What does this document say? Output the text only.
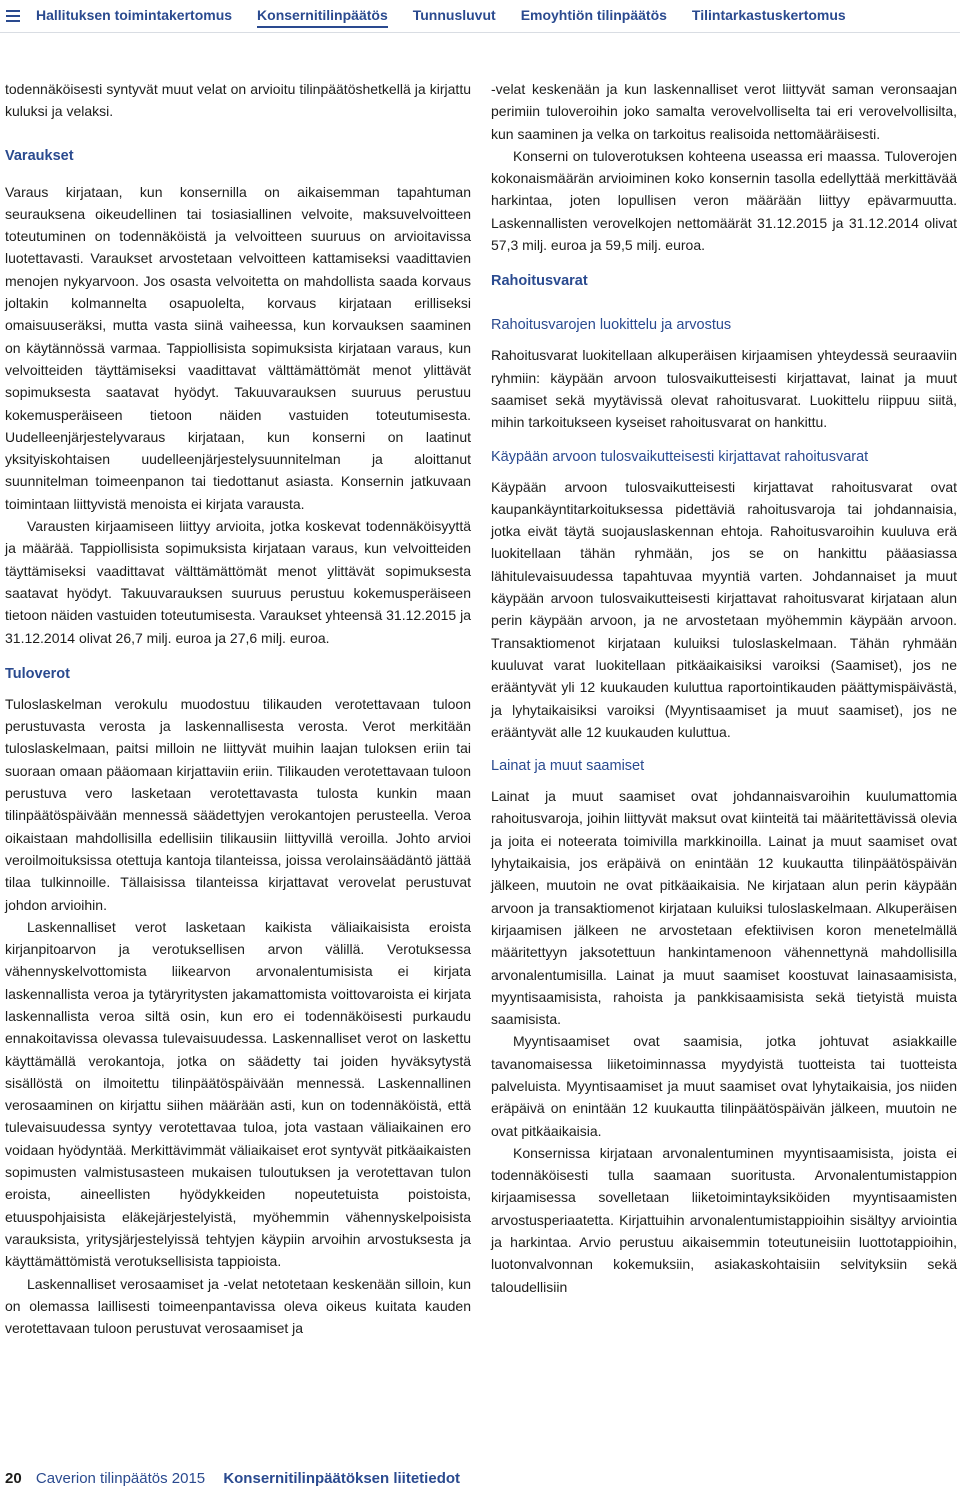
Hallituksen toimintakertomus Konsernitilinpäätös Tunnusluvut Emoyhtiön tilinpäätös Tilintarkastuskertomus

todennäköisesti syntyvät muut velat on arvioitu tilinpäätöshetkellä ja kirjattu kuluksi ja velaksi.

Varaukset

Varaus kirjataan, kun konsernilla on aikaisemman tapahtuman seurauksena oikeudellinen tai tosiasiallinen velvoite, maksuvelvoitteen toteutuminen on todennäköistä ja velvoitteen suuruus on arvioitavissa luotettavasti. Varaukset arvostetaan velvoitteen kattamiseksi vaadittavien menojen nykyarvoon. Jos osasta velvoitetta on mahdollista saada korvaus joltakin kolmannelta osapuolelta, korvaus kirjataan erilliseksi omaisuuseräksi, mutta vasta siinä vaiheessa, kun korvauksen saaminen on käytännössä varmaa. Tappiollisista sopimuksista kirjataan varaus, kun velvoitteiden täyttämiseksi vaadittavat välttämättömät menot ylittävät sopimuksesta saatavat hyödyt. Takuuvarauksen suuruus perustuu kokemusperäiseen tietoon näiden vastuiden toteutumisesta. Uudelleenjärjestelyvaraus kirjataan, kun konserni on laatinut yksityiskohtaisen uudelleenjärjestelysuunnitelman ja aloittanut suunnitelman toimeenpanon tai tiedottanut asiasta. Konsernin jatkuvaan toimintaan liittyvistä menoista ei kirjata varausta.

Varausten kirjaamiseen liittyy arvioita, jotka koskevat todennäköisyyttä ja määrää. Tappiollisista sopimuksista kirjataan varaus, kun velvoitteiden täyttämiseksi vaadittavat välttämättömät menot ylittävät sopimuksesta saatavat hyödyt. Takuuvarauksen suuruus perustuu kokemusperäiseen tietoon näiden vastuiden toteutumisesta. Varaukset yhteensä 31.12.2015 ja 31.12.2014 olivat 26,7 milj. euroa ja 27,6 milj. euroa.

Tuloverot

Tuloslaskelman verokulu muodostuu tilikauden verotettavaan tuloon perustuvasta verosta ja laskennallisesta verosta. Verot merkitään tuloslaskelmaan, paitsi milloin ne liittyvät muihin laajan tuloksen eriin tai suoraan omaan pääomaan kirjattaviin eriin. Tilikauden verotettavaan tuloon perustuva vero lasketaan verotettavasta tulosta kunkin maan tilinpäätöspäivään mennessä säädettyjen verokantojen perusteella. Veroa oikaistaan mahdollisilla edellisiin tilikausiin liittyvillä veroilla. Johto arvioi veroilmoituksissa otettuja kantoja tilanteissa, joissa verolainsäädäntö jättää tilaa tulkinnoille. Tällaisissa tilanteissa kirjattavat verovelat perustuvat johdon arvioihin.

Laskennalliset verot lasketaan kaikista väliaikaisista eroista kirjanpitoarvon ja verotuksellisen arvon välillä. Verotuksessa vähennyskelvottomista liikearvon arvonalentumisista ei kirjata laskennallista veroa ja tytäryritysten jakamattomista voittovaroista ei kirjata laskennallista veroa siltä osin, kun ero ei todennäköisesti purkaudu ennakoitavissa olevassa tulevaisuudessa. Laskennalliset verot on laskettu käyttämällä verokantoja, jotka on säädetty tai joiden hyväksytystä sisällöstä on ilmoitettu tilinpäätöspäivään mennessä. Laskennallinen verosaaminen on kirjattu siihen määrään asti, kun on todennäköistä, että tulevaisuudessa syntyy verotettavaa tuloa, jota vastaan väliaikainen ero voidaan hyödyntää. Merkittävimmät väliaikaiset erot syntyvät pitkäaikaisten sopimusten valmistusasteen mukaisen tuloutuksen ja verotettavan tulon eroista, aineellisten hyödykkeiden nopeutetuista poistoista, etuuspohjaisista eläkejärjestelyistä, myöhemmin vähennyskelpoisista varauksista, yritysjärjestelyissä tehtyjen käypiin arvoihin arvostuksesta ja käyttämättömistä verotuksellisista tappioista.

Laskennalliset verosaamiset ja -velat netotetaan keskenään silloin, kun on olemassa laillisesti toimeenpantavissa oleva oikeus kuitata kauden verotettavaan tuloon perustuvat verosaamiset ja

-velat keskenään ja kun laskennalliset verot liittyvät saman veronsaajan perimiin tuloveroihin joko samalta verovelvolliselta tai eri verovelvollisilta, kun saaminen ja velka on tarkoitus realisoida nettomääräisesti.

Konserni on tuloverotuksen kohteena useassa eri maassa. Tuloverojen kokonaismäärän arvioiminen koko konsernin tasolla edellyttää merkittävää harkintaa, joten lopullisen veron määrään liittyy epävarmuutta. Laskennallisten verovelkojen nettomäärät 31.12.2015 ja 31.12.2014 olivat 57,3 milj. euroa ja 59,5 milj. euroa.

Rahoitusvarat
Rahoitusvarojen luokittelu ja arvostus

Rahoitusvarat luokitellaan alkuperäisen kirjaamisen yhteydessä seuraaviin ryhmiin: käypään arvoon tulosvaikutteisesti kirjattavat, lainat ja muut saamiset sekä myytävissä olevat rahoitusvarat. Luokittelu riippuu siitä, mihin tarkoitukseen kyseiset rahoitusvarat on hankittu.

Käypään arvoon tulosvaikutteisesti kirjattavat rahoitusvarat

Käypään arvoon tulosvaikutteisesti kirjattavat rahoitusvarat ovat kaupankäyntitarkoituksessa pidettäviä rahoitusvaroja tai johdannaisia, jotka eivät täytä suojauslaskennan ehtoja. Rahoitusvaroihin kuuluva erä luokitellaan tähän ryhmään, jos se on hankittu pääasiassa lähitulevaisuudessa tapahtuvaa myyntiä varten. Johdannaiset ja muut käypään arvoon tulosvaikutteisesti kirjattavat rahoitusvarat kirjataan alun perin käypään arvoon, ja ne arvostetaan myöhemmin käypään arvoon. Transaktiomenot kirjataan kuluiksi tuloslaskelmaan. Tähän ryhmään kuuluvat varat luokitellaan pitkäaikaisiksi varoiksi (Saamiset), jos ne erääntyvät yli 12 kuukauden kuluttua raportointikauden päättymispäivästä, ja lyhytaikaisiksi varoiksi (Myyntisaamiset ja muut saamiset), jos ne erääntyvät alle 12 kuukauden kuluttua.

Lainat ja muut saamiset

Lainat ja muut saamiset ovat johdannaisvaroihin kuulumattomia rahoitusvaroja, joihin liittyvät maksut ovat kiinteitä tai määritettävissä olevia ja joita ei noteerata toimivilla markkinoilla. Lainat ja muut saamiset ovat lyhytaikaisia, jos eräpäivä on enintään 12 kuukautta tilinpäätöspäivän jälkeen, muutoin ne ovat pitkäaikaisia. Ne kirjataan alun perin käypään arvoon ja transaktiomenot kirjataan kuluiksi tuloslaskelmaan. Alkuperäisen kirjaamisen jälkeen ne arvostetaan efektiivisen koron menetelmällä määritettyyn jaksotettuun hankintamenoon vähennettynä mahdollisilla arvonalentumisilla. Lainat ja muut saamiset koostuvat lainasaamisista, myyntisaamisista, rahoista ja pankkisaamisista sekä tietyistä muista saamisista.

Myyntisaamiset ovat saamisia, jotka johtuvat asiakkaille tavanomaisessa liiketoiminnassa myydyistä tuotteista tai tuotteista palveluista. Myyntisaamiset ja muut saamiset ovat lyhytaikaisia, jos niiden eräpäivä on enintään 12 kuukautta tilinpäätöspäivän jälkeen, muutoin ne ovat pitkäaikaisia.

Konsernissa kirjataan arvonalentuminen myyntisaamisista, joista ei todennäköisesti tulla saamaan suoritusta. Arvonalentumistappion kirjaamisessa sovelletaan liiketoimintayksiköiden myyntisaamisten arvostusperiaatetta. Kirjattuihin arvonalentumistappioihin sisältyy arviointia ja harkintaa. Arvio perustuu aikaisemmin toteutuneisiin luottotappioihin, luotonvalvonnan kokemuksiin, asiakaskohtaisiin selvityksiin sekä taloudellisiin

20 Caverion tilinpäätös 2015 Konsernitilinpäätöksen liitetiedot
